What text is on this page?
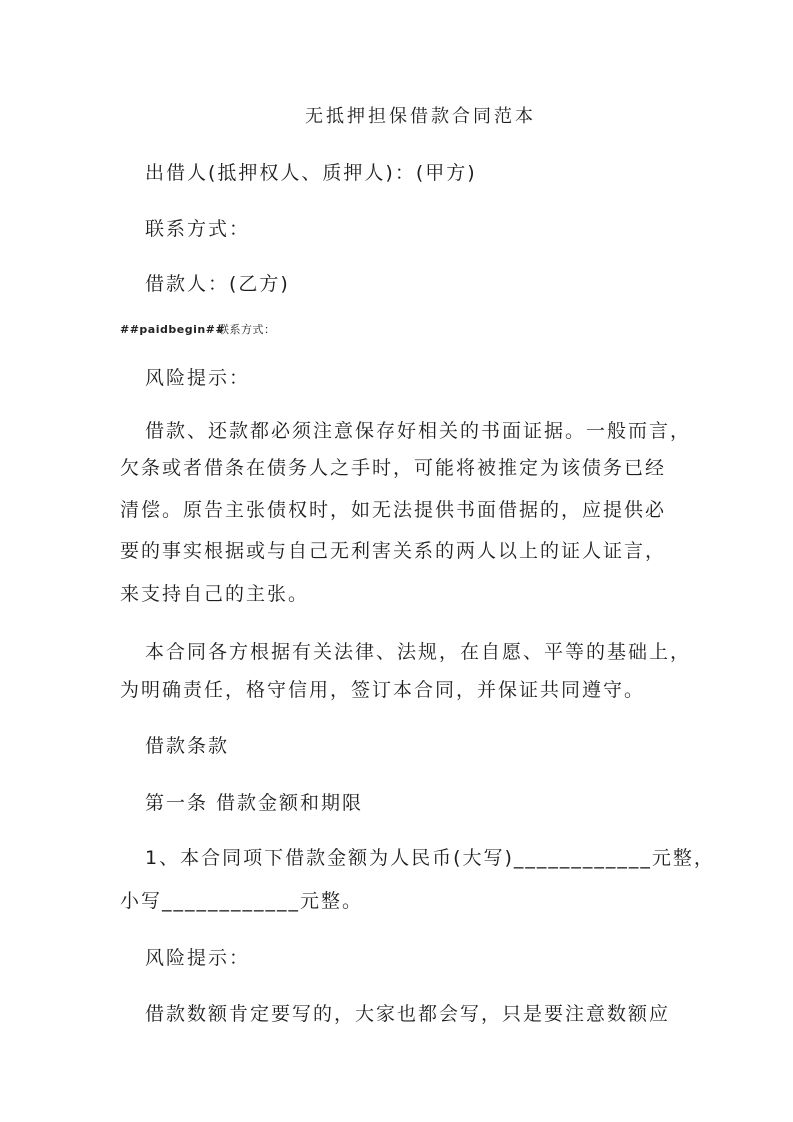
无抵押担保借款合同范本
出借人(抵押权人、质押人)：(甲方)
联系方式：
借款人：(乙方)
##paidbegin##
联系方式：
风险提示：
借款、还款都必须注意保存好相关的书面证据。一般而言，
欠条或者借条在债务人之手时，可能将被推定为该债务已经
清偿。原告主张债权时，如无法提供书面借据的，应提供必
要的事实根据或与自己无利害关系的两人以上的证人证言，
来支持自己的主张。
本合同各方根据有关法律、法规，在自愿、平等的基础上，
为明确责任，格守信用，签订本合同，并保证共同遵守。
借款条款
第一条 借款金额和期限
1、本合同项下借款金额为人民币(大写)____________元整，
小写____________元整。
风险提示：
借款数额肯定要写的，大家也都会写，只是要注意数额应
